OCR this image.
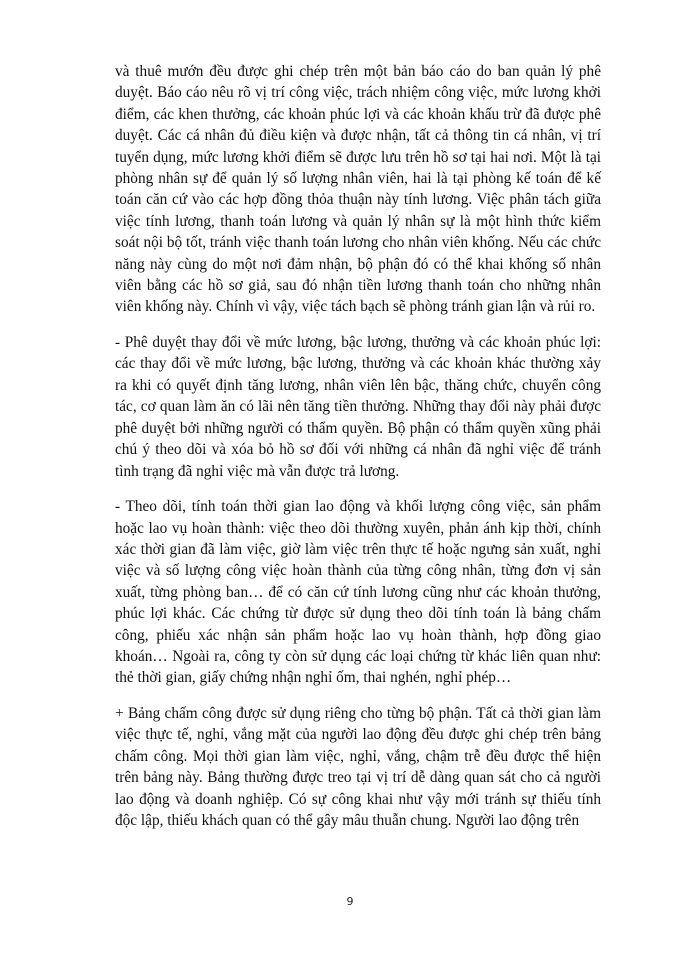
và thuê mướn đều được ghi chép trên một bản báo cáo do ban quản lý phê duyệt. Báo cáo nêu rõ vị trí công việc, trách nhiệm công việc, mức lương khởi điểm, các khen thưởng, các khoản phúc lợi và các khoản khấu trừ đã được phê duyệt. Các cá nhân đủ điều kiện và được nhận, tất cả thông tin cá nhân, vị trí tuyển dụng, mức lương khởi điểm sẽ được lưu trên hồ sơ tại hai nơi. Một là tại phòng nhân sự để quản lý số lượng nhân viên, hai là tại phòng kế toán để kế toán căn cứ vào các hợp đồng thỏa thuận này tính lương. Việc phân tách giữa việc tính lương, thanh toán lương và quản lý nhân sự là một hình thức kiểm soát nội bộ tốt, tránh việc thanh toán lương cho nhân viên khống. Nếu các chức năng này cùng do một nơi đảm nhận, bộ phận đó có thể khai khống số nhân viên bằng các hồ sơ giả, sau đó nhận tiền lương thanh toán cho những nhân viên khống này. Chính vì vậy, việc tách bạch sẽ phòng tránh gian lận và rủi ro.

- Phê duyệt thay đổi về mức lương, bậc lương, thưởng và các khoản phúc lợi: các thay đổi về mức lương, bậc lương, thưởng và các khoản khác thường xảy ra khi có quyết định tăng lương, nhân viên lên bậc, thăng chức, chuyển công tác, cơ quan làm ăn có lãi nên tăng tiền thưởng. Những thay đổi này phải được phê duyệt bởi những người có thẩm quyền. Bộ phận có thẩm quyền xũng phải chú ý theo dõi và xóa bỏ hồ sơ đối với những cá nhân đã nghỉ việc để tránh tình trạng đã nghỉ việc mà vẫn được trả lương.

- Theo dõi, tính toán thời gian lao động và khối lượng công việc, sản phẩm hoặc lao vụ hoàn thành: việc theo dõi thường xuyên, phản ánh kịp thời, chính xác thời gian đã làm việc, giờ làm việc trên thực tế hoặc ngưng sản xuất, nghỉ việc và số lượng công việc hoàn thành của từng công nhân, từng đơn vị sản xuất, từng phòng ban… để có căn cứ tính lương cũng như các khoản thưởng, phúc lợi khác. Các chứng từ được sử dụng theo dõi tính toán là bảng chấm công, phiếu xác nhận sản phẩm hoặc lao vụ hoàn thành, hợp đồng giao khoán… Ngoài ra, công ty còn sử dụng các loại chứng từ khác liên quan như: thẻ thời gian, giấy chứng nhận nghỉ ốm, thai nghén, nghỉ phép…

+ Bảng chấm công được sử dụng riêng cho từng bộ phận. Tất cả thời gian làm việc thực tế, nghỉ, vắng mặt của người lao động đều được ghi chép trên bảng chấm công. Mọi thời gian làm việc, nghỉ, vắng, chậm trễ đều được thể hiện trên bảng này. Bảng thường được treo tại vị trí dễ dàng quan sát cho cả người lao động và doanh nghiệp. Có sự công khai như vậy mới tránh sự thiếu tính độc lập, thiếu khách quan có thể gây mâu thuẫn chung. Người lao động trên

9
